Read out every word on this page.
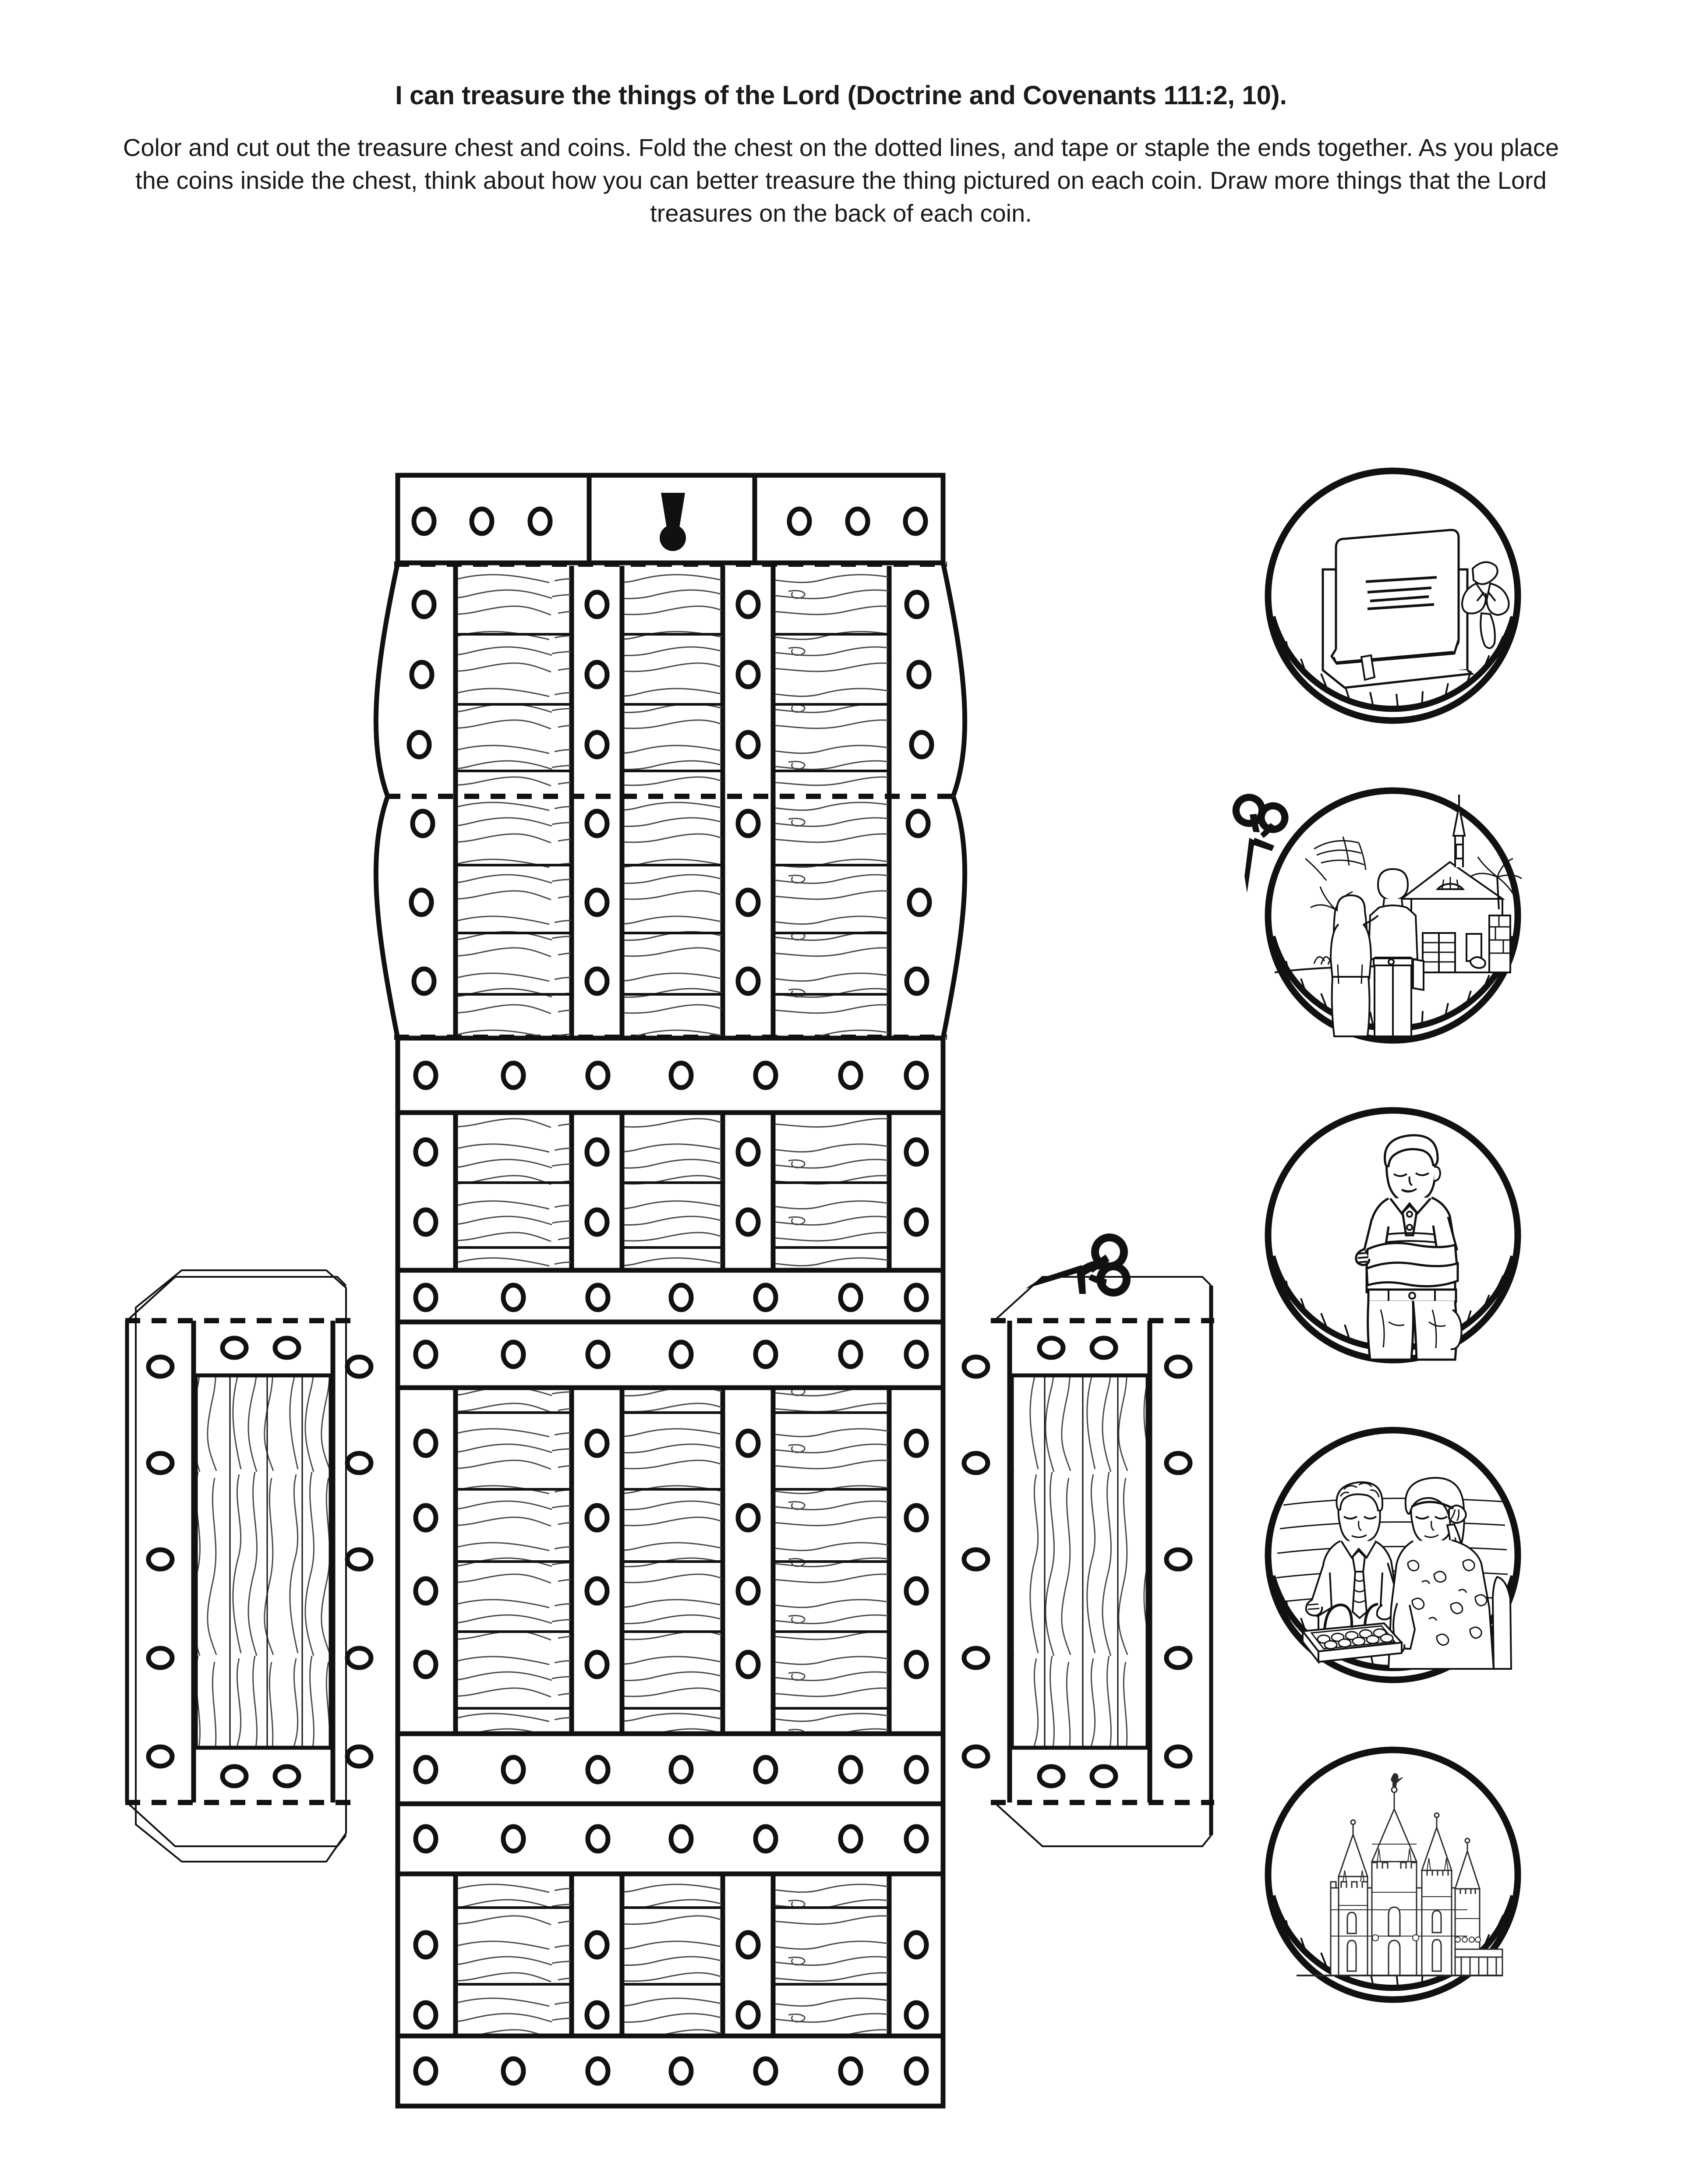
I can treasure the things of the Lord (Doctrine and Covenants 111:2, 10).

Color and cut out the treasure chest and coins. Fold the chest on the dotted lines, and tape or staple the ends together. As you place the coins inside the chest, think about how you can better treasure the thing pictured on each coin. Draw more things that the Lord treasures on the back of each coin.
